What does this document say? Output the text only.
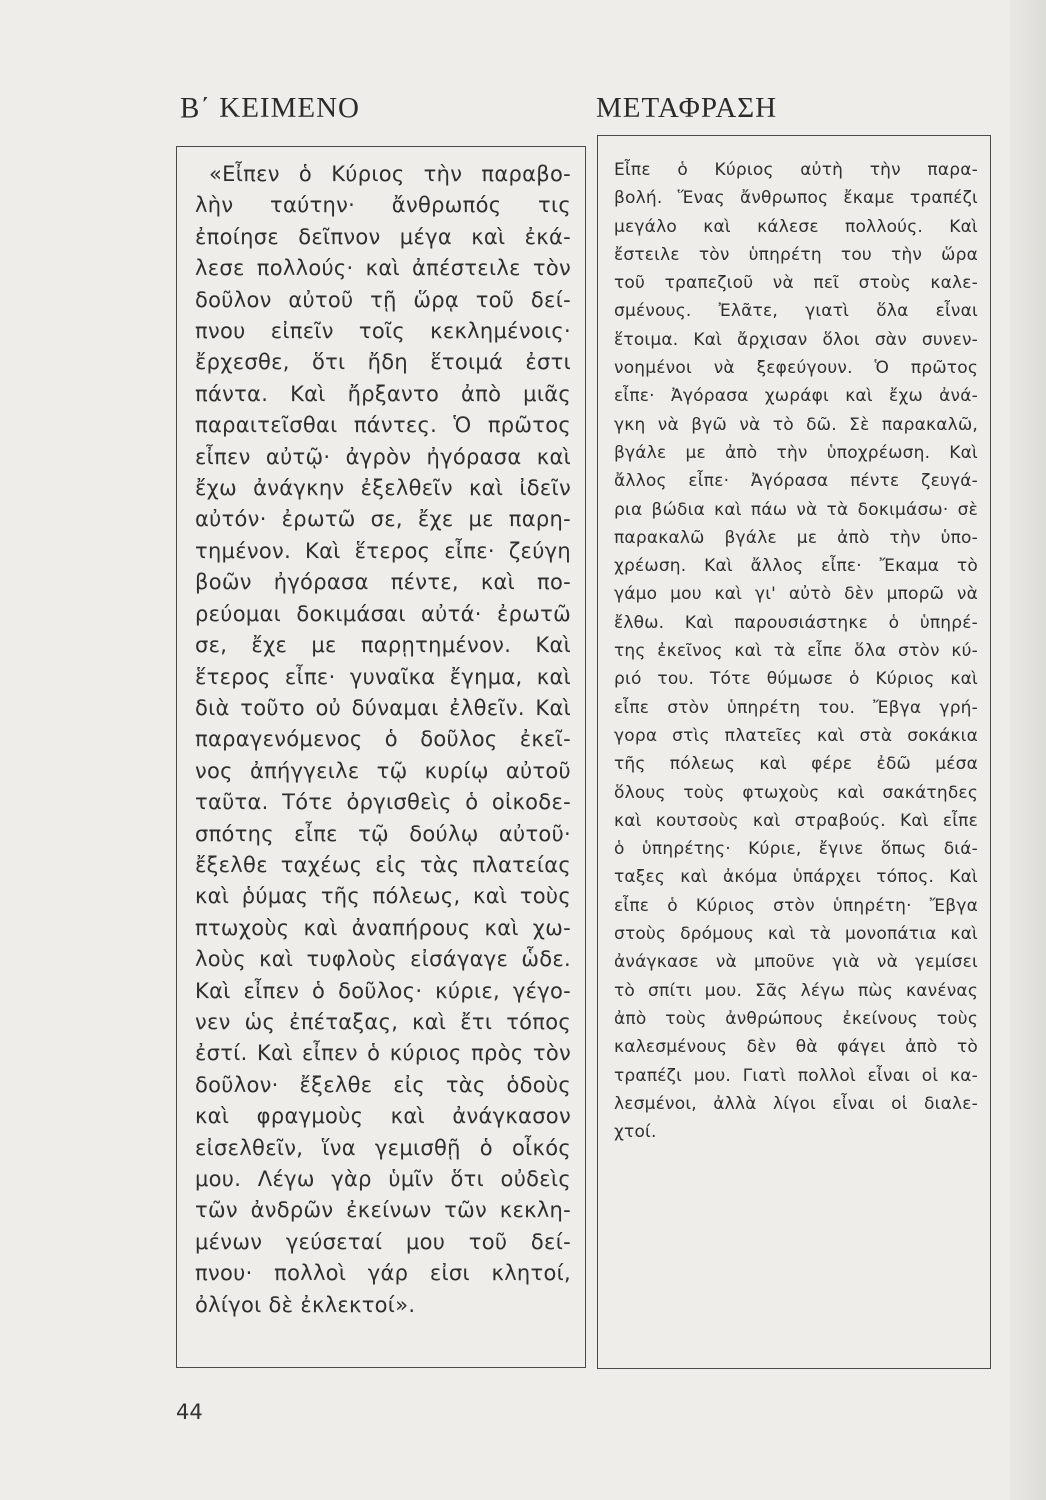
Β΄ ΚΕΙΜΕΝΟ	ΜΕΤΑΦΡΑΣΗ
«Εἶπεν ὁ Κύριος τὴν παραβο-
λὴν ταύτην· ἄνθρωπός τις
ἐποίησε δεῖπνον μέγα καὶ ἐκά-
λεσε πολλούς· καὶ ἀπέστειλε τὸν
δοῦλον αὐτοῦ τῇ ὥρᾳ τοῦ δεί-
πνου εἰπεῖν τοῖς κεκλημένοις·
ἔρχεσθε, ὅτι ἤδη ἕτοιμά ἐστι
πάντα. Καὶ ἤρξαντο ἀπὸ μιᾶς
παραιτεῖσθαι πάντες. Ὁ πρῶτος
εἶπεν αὐτῷ· ἀγρὸν ἠγόρασα καὶ
ἔχω ἀνάγκην ἐξελθεῖν καὶ ἰδεῖν
αὐτόν· ἐρωτῶ σε, ἔχε με παρη-
τημένον. Καὶ ἕτερος εἶπε· ζεύγη
βοῶν ἠγόρασα πέντε, καὶ πο-
ρεύομαι δοκιμάσαι αὐτά· ἐρωτῶ
σε, ἔχε με παρῃτημένον. Καὶ
ἕτερος εἶπε· γυναῖκα ἔγημα, καὶ
διὰ τοῦτο οὐ δύναμαι ἐλθεῖν. Καὶ
παραγενόμενος ὁ δοῦλος ἐκεῖ-
νος ἀπήγγειλε τῷ κυρίῳ αὐτοῦ
ταῦτα. Τότε ὀργισθεὶς ὁ οἰκοδε-
σπότης εἶπε τῷ δούλῳ αὐτοῦ·
ἔξελθε ταχέως εἰς τὰς πλατείας
καὶ ῥύμας τῆς πόλεως, καὶ τοὺς
πτωχοὺς καὶ ἀναπήρους καὶ χω-
λοὺς καὶ τυφλοὺς εἰσάγαγε ὧδε.
Καὶ εἶπεν ὁ δοῦλος· κύριε, γέγο-
νεν ὡς ἐπέταξας, καὶ ἔτι τόπος
ἐστί. Καὶ εἶπεν ὁ κύριος πρὸς τὸν
δοῦλον· ἔξελθε εἰς τὰς ὁδοὺς
καὶ φραγμοὺς καὶ ἀνάγκασον
εἰσελθεῖν, ἵνα γεμισθῇ ὁ οἶκός
μου. Λέγω γὰρ ὑμῖν ὅτι οὐδεὶς
τῶν ἀνδρῶν ἐκείνων τῶν κεκλη-
μένων γεύσεταί μου τοῦ δεί-
πνου· πολλοὶ γάρ εἰσι κλητοί,
ὀλίγοι δὲ ἐκλεκτοί».
Εἶπε ὁ Κύριος αὐτὴ τὴν παρα-
βολή. Ἕνας ἄνθρωπος ἔκαμε τραπέζι
μεγάλο καὶ κάλεσε πολλούς. Καὶ
ἔστειλε τὸν ὑπηρέτη του τὴν ὥρα
τοῦ τραπεζιοῦ νὰ πεῖ στοὺς καλε-
σμένους. Ἐλᾶτε, γιατὶ ὅλα εἶναι
ἕτοιμα. Καὶ ἄρχισαν ὅλοι σὰν συνεν-
νοημένοι νὰ ξεφεύγουν. Ὁ πρῶτος
εἶπε· Ἀγόρασα χωράφι καὶ ἔχω ἀνά-
γκη νὰ βγῶ νὰ τὸ δῶ. Σὲ παρακαλῶ,
βγάλε με ἀπὸ τὴν ὑποχρέωση. Καὶ
ἄλλος εἶπε· Ἀγόρασα πέντε ζευγά-
ρια βώδια καὶ πάω νὰ τὰ δοκιμάσω· σὲ
παρακαλῶ βγάλε με ἀπὸ τὴν ὑπο-
χρέωση. Καὶ ἄλλος εἶπε· Ἔκαμα τὸ
γάμο μου καὶ γι' αὐτὸ δὲν μπορῶ νὰ
ἔλθω. Καὶ παρουσιάστηκε ὁ ὑπηρέ-
της ἐκεῖνος καὶ τὰ εἶπε ὅλα στὸν κύ-
ριό του. Τότε θύμωσε ὁ Κύριος καὶ
εἶπε στὸν ὑπηρέτη του. Ἔβγα γρή-
γορα στὶς πλατεῖες καὶ στὰ σοκάκια
τῆς πόλεως καὶ φέρε ἐδῶ μέσα
ὅλους τοὺς φτωχοὺς καὶ σακάτηδες
καὶ κουτσοὺς καὶ στραβούς. Καὶ εἶπε
ὁ ὑπηρέτης· Κύριε, ἔγινε ὅπως διά-
ταξες καὶ ἀκόμα ὑπάρχει τόπος. Καὶ
εἶπε ὁ Κύριος στὸν ὑπηρέτη· Ἔβγα
στοὺς δρόμους καὶ τὰ μονοπάτια καὶ
ἀνάγκασε νὰ μποῦνε γιὰ νὰ γεμίσει
τὸ σπίτι μου. Σᾶς λέγω πὼς κανένας
ἀπὸ τοὺς ἀνθρώπους ἐκείνους τοὺς
καλεσμένους δὲν θὰ φάγει ἀπὸ τὸ
τραπέζι μου. Γιατὶ πολλοὶ εἶναι οἱ κα-
λεσμένοι, ἀλλὰ λίγοι εἶναι οἱ διαλε-
χτοί.
44
